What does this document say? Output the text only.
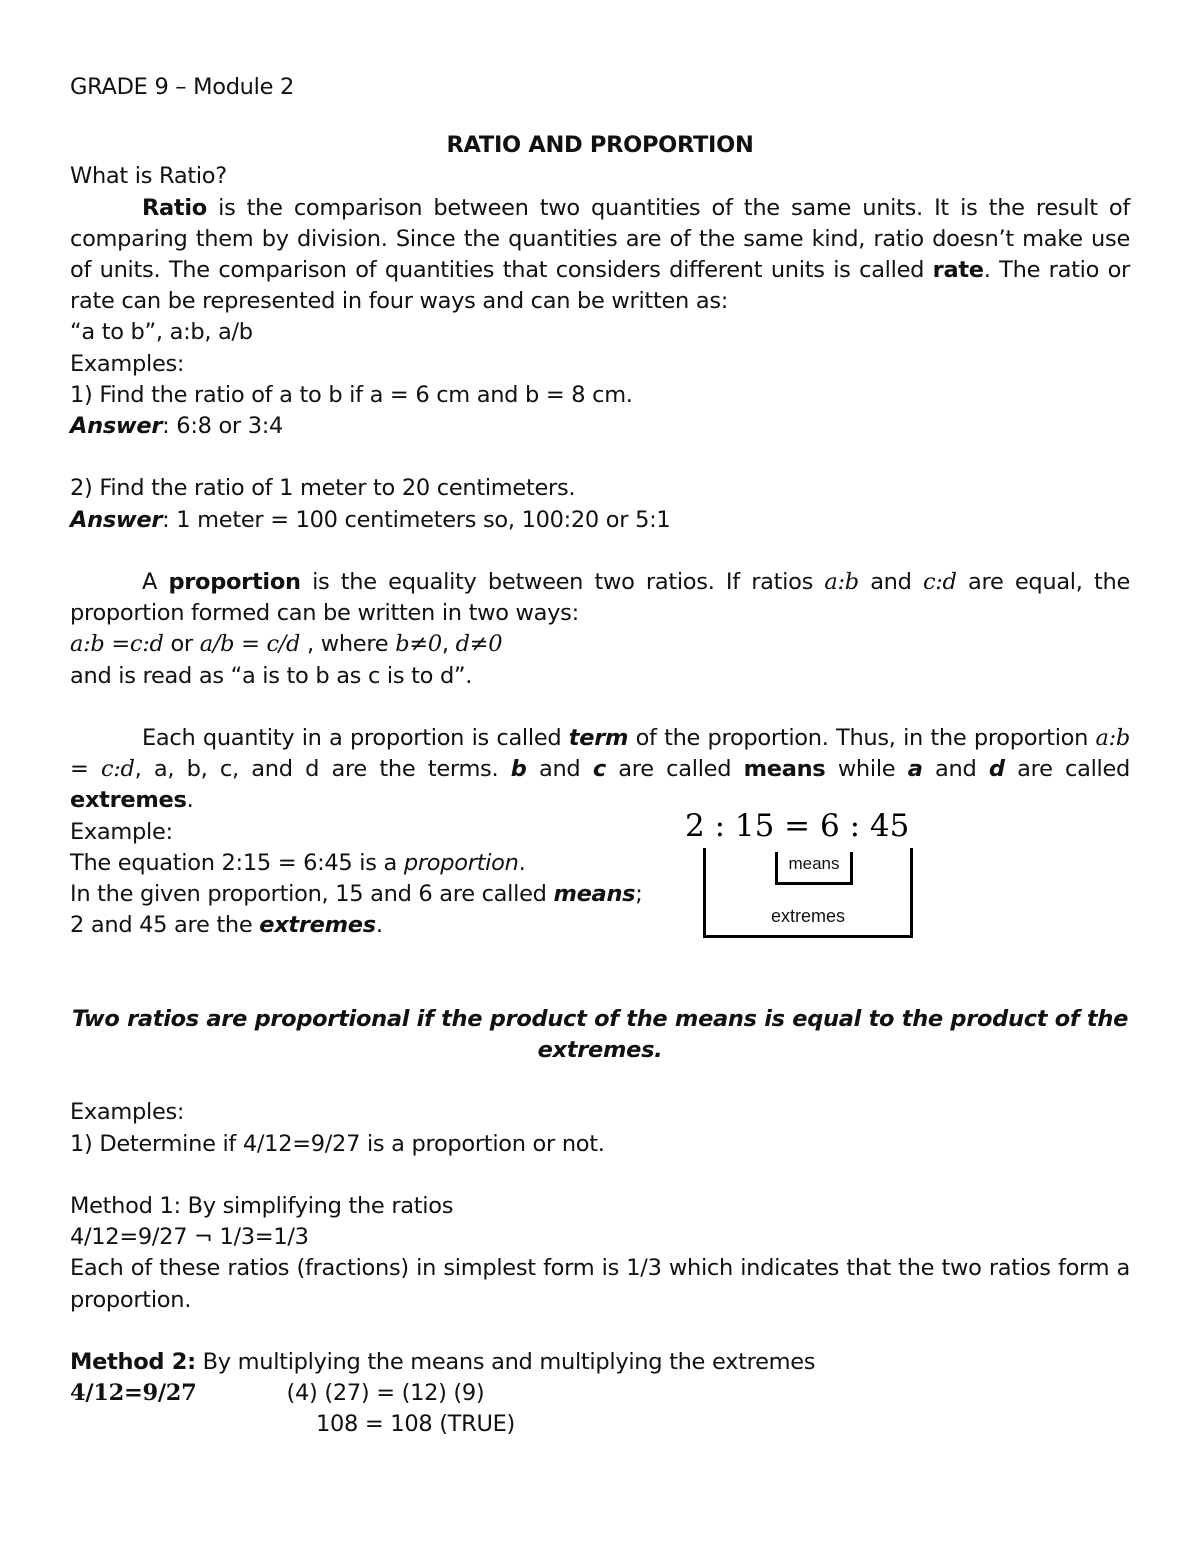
GRADE 9 – Module 2
RATIO AND PROPORTION
What is Ratio?
Ratio is the comparison between two quantities of the same units. It is the result of
comparing them by division. Since the quantities are of the same kind, ratio doesn’t make use
of units. The comparison of quantities that considers different units is called rate. The ratio or
rate can be represented in four ways and can be written as:
“a to b”, a:b, a/b
Examples:
1) Find the ratio of a to b if a = 6 cm and b = 8 cm.
Answer: 6:8 or 3:4
2) Find the ratio of 1 meter to 20 centimeters.
Answer: 1 meter = 100 centimeters so, 100:20 or 5:1
A proportion is the equality between two ratios. If ratios a:b and c:d are equal, the
proportion formed can be written in two ways:
a:b =c:d or a/b = c/d , where b≠0, d≠0
and is read as “a is to b as c is to d”.
Each quantity in a proportion is called term of the proportion. Thus, in the proportion a:b
= c:d, a, b, c, and d are the terms. b and c are called means while a and d are called extremes.
Example:
The equation 2:15 = 6:45 is a proportion.
In the given proportion, 15 and 6 are called means;
2 and 45 are the extremes.
Two ratios are proportional if the product of the means is equal to the product of the
extremes.
Examples:
1) Determine if 4/12=9/27 is a proportion or not.
Method 1: By simplifying the ratios
4/12=9/27 ¬ 1/3=1/3
Each of these ratios (fractions) in simplest form is 1/3 which indicates that the two ratios form a
proportion.
Method 2: By multiplying the means and multiplying the extremes
4/12=9/27	(4) (27) = (12) (9)
108 = 108 (TRUE)
2 : 15 = 6 : 45
means
extremes
